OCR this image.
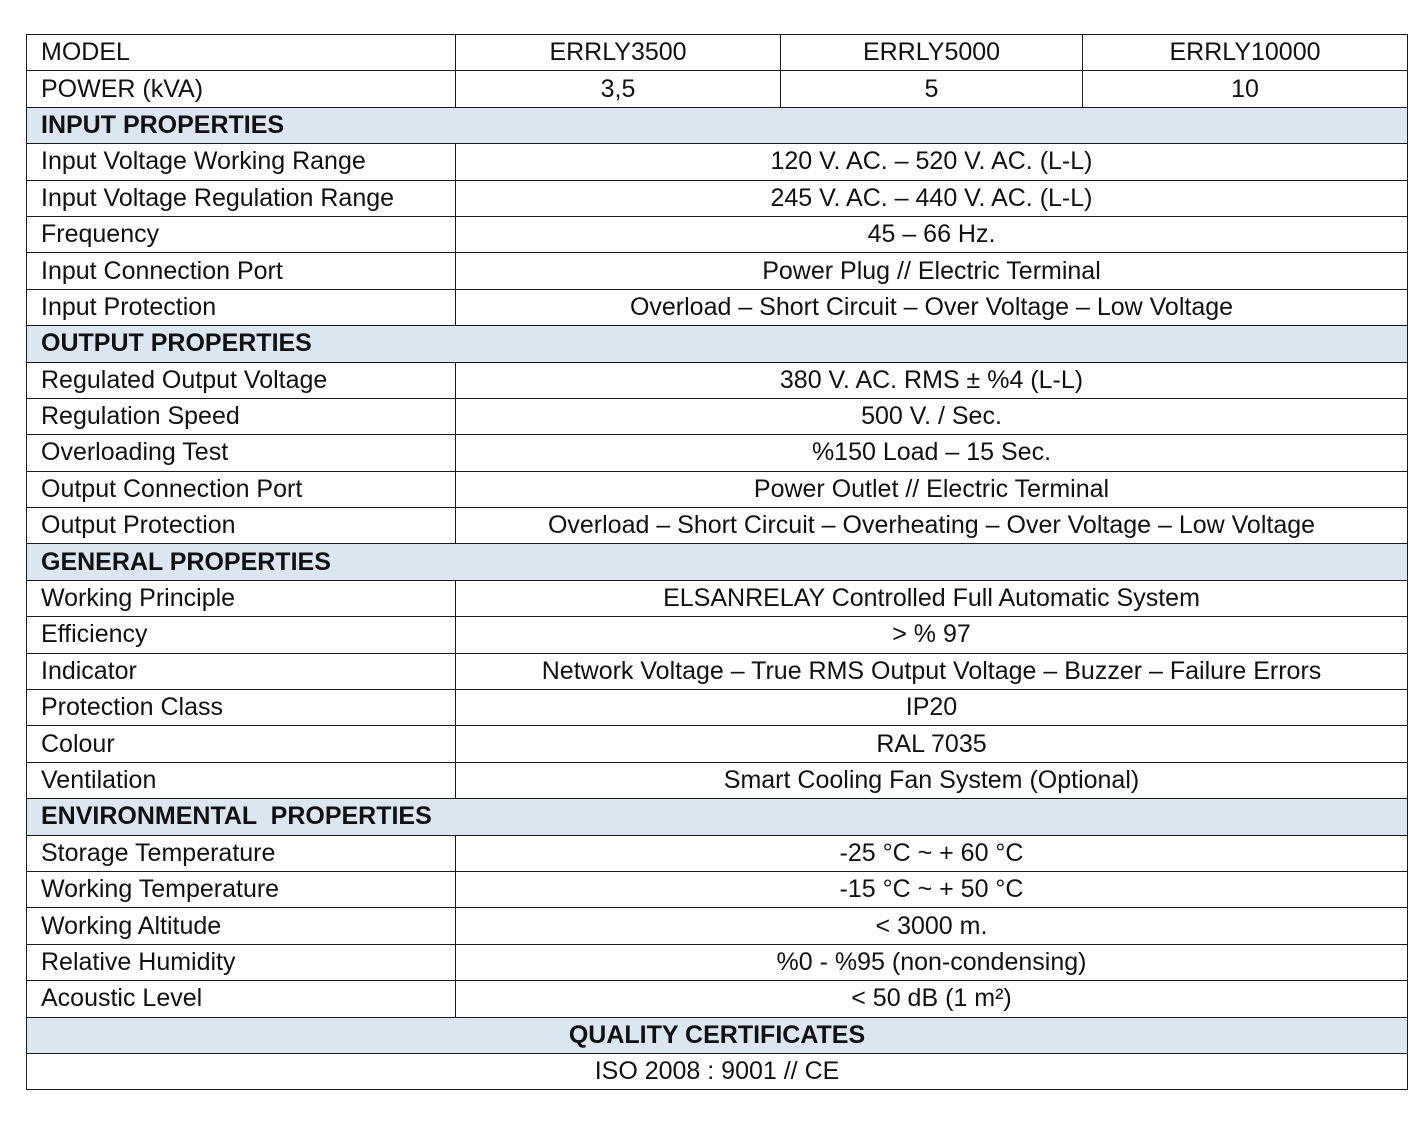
MODEL	ERRLY3500	ERRLY5000	ERRLY10000
POWER (kVA)	3,5	5	10
INPUT PROPERTIES			
Input Voltage Working Range	120 V. AC. – 520 V. AC. (L-L)		
Input Voltage Regulation Range	245 V. AC. – 440 V. AC. (L-L)		
Frequency	45 – 66 Hz.		
Input Connection Port	Power Plug // Electric Terminal		
Input Protection	Overload – Short Circuit – Over Voltage – Low Voltage		
OUTPUT PROPERTIES			
Regulated Output Voltage	380 V. AC. RMS ± %4 (L-L)		
Regulation Speed	500 V. / Sec.		
Overloading Test	%150 Load – 15 Sec.		
Output Connection Port	Power Outlet // Electric Terminal		
Output Protection	Overload – Short Circuit – Overheating – Over Voltage – Low Voltage		
GENERAL PROPERTIES			
Working Principle	ELSANRELAY Controlled Full Automatic System		
Efficiency	> % 97		
Indicator	Network Voltage – True RMS Output Voltage – Buzzer – Failure Errors		
Protection Class	IP20		
Colour	RAL 7035		
Ventilation	Smart Cooling Fan System (Optional)		
ENVIRONMENTAL  PROPERTIES			
Storage Temperature	-25 °C ~ + 60 °C		
Working Temperature	-15 °C ~ + 50 °C		
Working Altitude	< 3000 m.		
Relative Humidity	%0 - %95 (non-condensing)		
Acoustic Level	< 50 dB (1 m²)		
QUALITY CERTIFICATES			
ISO 2008 : 9001 // CE			
